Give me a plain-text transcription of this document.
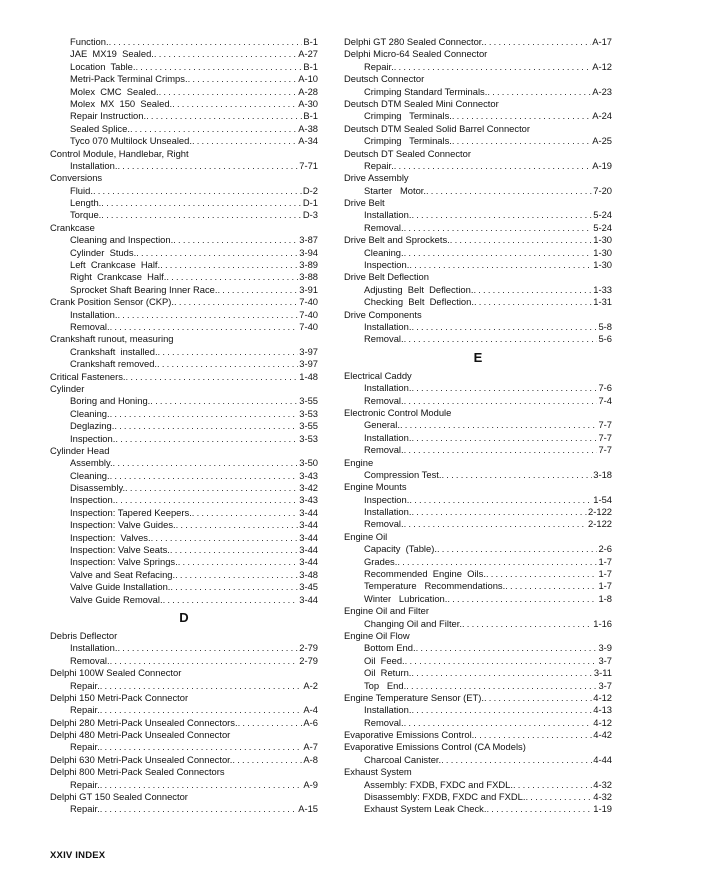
Function. . . .	B-1
JAE  MX19  Sealed. . . .	A-27
Location  Table. . . .	B-1
Metri-Pack Terminal Crimps. . . .	A-10
Molex  CMC  Sealed. . . .	A-28
Molex  MX  150  Sealed. . . .	A-30
Repair Instruction. . . .	B-1
Sealed Splice. . . .	A-38
Tyco 070 Multilock Unsealed. . . .	A-34
Control Module, Handlebar, Right
Installation. . . .	7-71
Conversions
Fluid. . . .	D-2
Length. . . .	D-1
Torque. . . .	D-3
Crankcase
Cleaning and Inspection. . . .	3-87
Cylinder  Studs. . . .	3-94
Left  Crankcase  Half. . . .	3-89
Right  Crankcase  Half. . . .	3-88
Sprocket Shaft Bearing Inner Race. . . .	3-91
Crank Position Sensor (CKP). . . .	7-40
Installation. . . .	7-40
Removal. . . .	7-40
Crankshaft runout, measuring
Crankshaft  installed. . . .	3-97
Crankshaft removed. . . .	3-97
Critical Fasteners. . . .	1-48
Cylinder
Boring and Honing. . . .	3-55
Cleaning. . . .	3-53
Deglazing. . . .	3-55
Inspection. . . .	3-53
Cylinder Head
Assembly. . . .	3-50
Cleaning. . . .	3-43
Disassembly. . . .	3-42
Inspection. . . .	3-43
Inspection: Tapered Keepers. . . .	3-44
Inspection: Valve Guides. . . .	3-44
Inspection:  Valves. . . .	3-44
Inspection: Valve Seats. . . .	3-44
Inspection: Valve Springs. . . .	3-44
Valve and Seat Refacing. . . .	3-48
Valve Guide Installation. . . .	3-45
Valve Guide Removal. . . .	3-44
D
Debris Deflector
Installation. . . .	2-79
Removal. . . .	2-79
Delphi 100W Sealed Connector
Repair. . . .	A-2
Delphi 150 Metri-Pack Connector
Repair. . . .	A-4
Delphi 280 Metri-Pack Unsealed Connectors. . . .	A-6
Delphi 480 Metri-Pack Unsealed Connector
Repair. . . .	A-7
Delphi 630 Metri-Pack Unsealed Connector. . . .	A-8
Delphi 800 Metri-Pack Sealed Connectors
Repair. . . .	A-9
Delphi GT 150 Sealed Connector
Repair. . . .	A-15
Delphi GT 280 Sealed Connector. . . .	A-17
Delphi Micro-64 Sealed Connector
Repair. . . .	A-12
Deutsch Connector
Crimping Standard Terminals. . . .	A-23
Deutsch DTM Sealed Mini Connector
Crimping   Terminals. . . .	A-24
Deutsch DTM Sealed Solid Barrel Connector
Crimping   Terminals. . . .	A-25
Deutsch DT Sealed Connector
Repair. . . .	A-19
Drive Assembly
Starter   Motor. . . .	7-20
Drive Belt
Installation. . . .	5-24
Removal. . . .	5-24
Drive Belt and Sprockets. . . .	1-30
Cleaning. . . .	1-30
Inspection. . . .	1-30
Drive Belt Deflection
Adjusting  Belt  Deflection. . . .	1-33
Checking  Belt  Deflection. . . .	1-31
Drive Components
Installation. . . .	5-8
Removal. . . .	5-6
E
Electrical Caddy
Installation. . . .	7-6
Removal. . . .	7-4
Electronic Control Module
General. . . .	7-7
Installation. . . .	7-7
Removal. . . .	7-7
Engine
Compression Test. . . .	3-18
Engine Mounts
Inspection. . . .	1-54
Installation. . . .	2-122
Removal. . . .	2-122
Engine Oil
Capacity  (Table). . . .	2-6
Grades. . . .	1-7
Recommended  Engine  Oils. . . .	1-7
Temperature   Recommendations. . . .	1-7
Winter   Lubrication. . . .	1-8
Engine Oil and Filter
Changing Oil and Filter. . . .	1-16
Engine Oil Flow
Bottom End. . . .	3-9
Oil  Feed. . . .	3-7
Oil  Return. . . .	3-11
Top   End. . . .	3-7
Engine Temperature Sensor (ET). . . .	4-12
Installation. . . .	4-13
Removal. . . .	4-12
Evaporative Emissions Control. . . .	4-42
Evaporative Emissions Control (CA Models)
Charcoal Canister. . . .	4-44
Exhaust System
Assembly: FXDB, FXDC and FXDL. . . .	4-32
Disassembly: FXDB, FXDC and FXDL. . . .	4-32
Exhaust System Leak Check. . . .	1-19
XXIV INDEX
